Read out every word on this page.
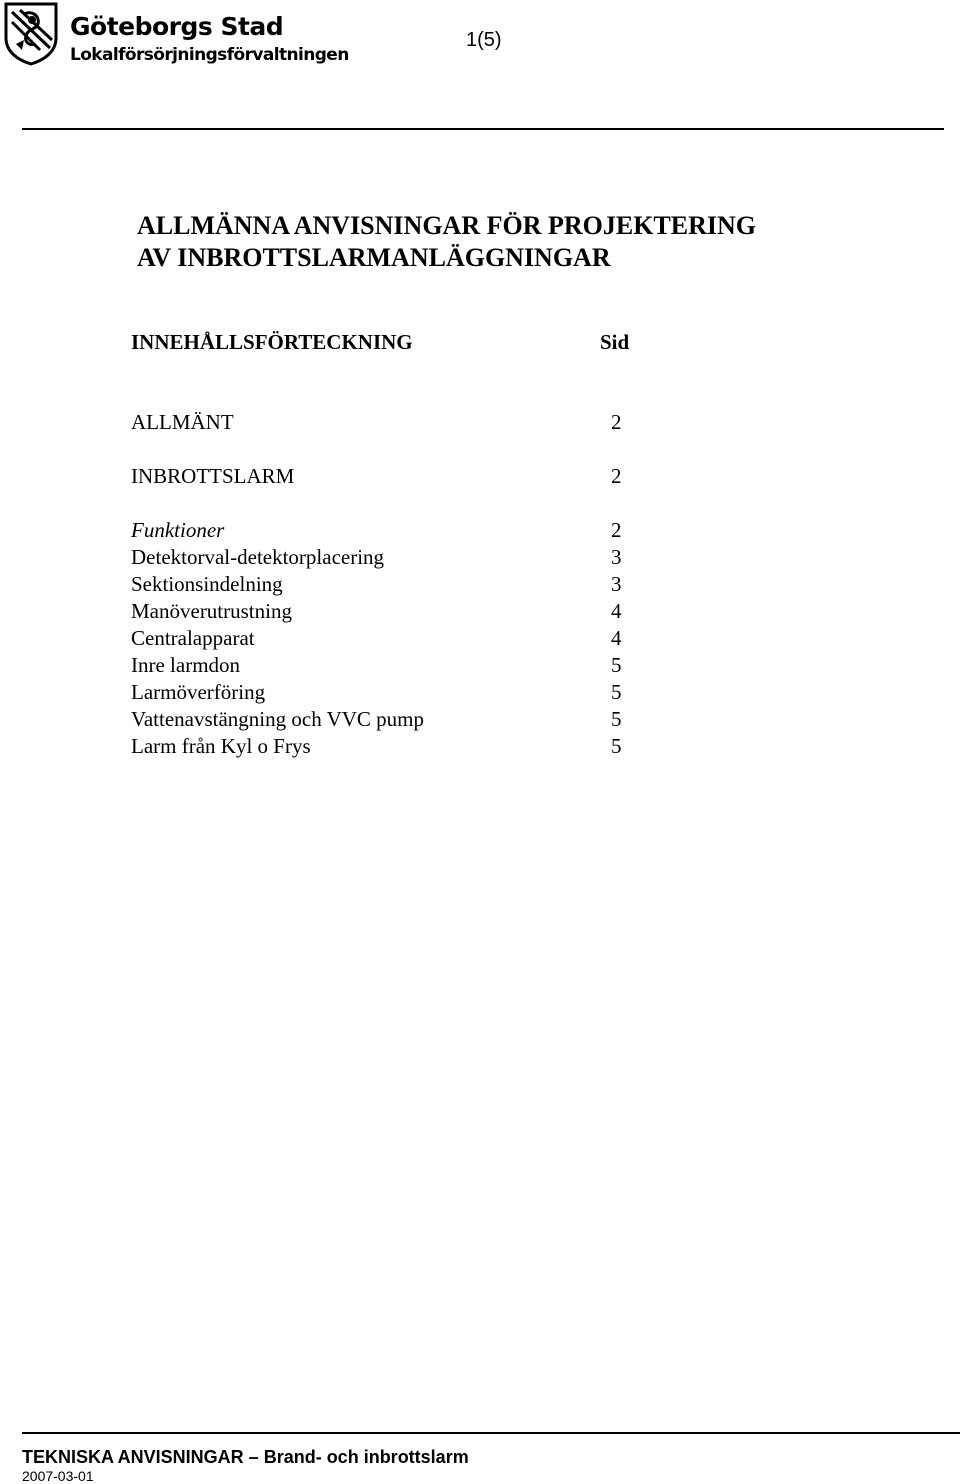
Göteborgs Stad
Lokalförsörjningsförvaltningen
1(5)
ALLMÄNNA ANVISNINGAR FÖR PROJEKTERING
AV INBROTTSLARMANLÄGGNINGAR
INNEHÅLLSFÖRTECKNING	Sid
ALLMÄNT	2
INBROTTSLARM	2
Funktioner	2
Detektorval-detektorplacering	3
Sektionsindelning	3
Manöverutrustning	4
Centralapparat	4
Inre larmdon	5
Larmöverföring	5
Vattenavstängning och VVC pump	5
Larm från Kyl o Frys	5
TEKNISKA ANVISNINGAR – Brand- och inbrottslarm
2007-03-01
